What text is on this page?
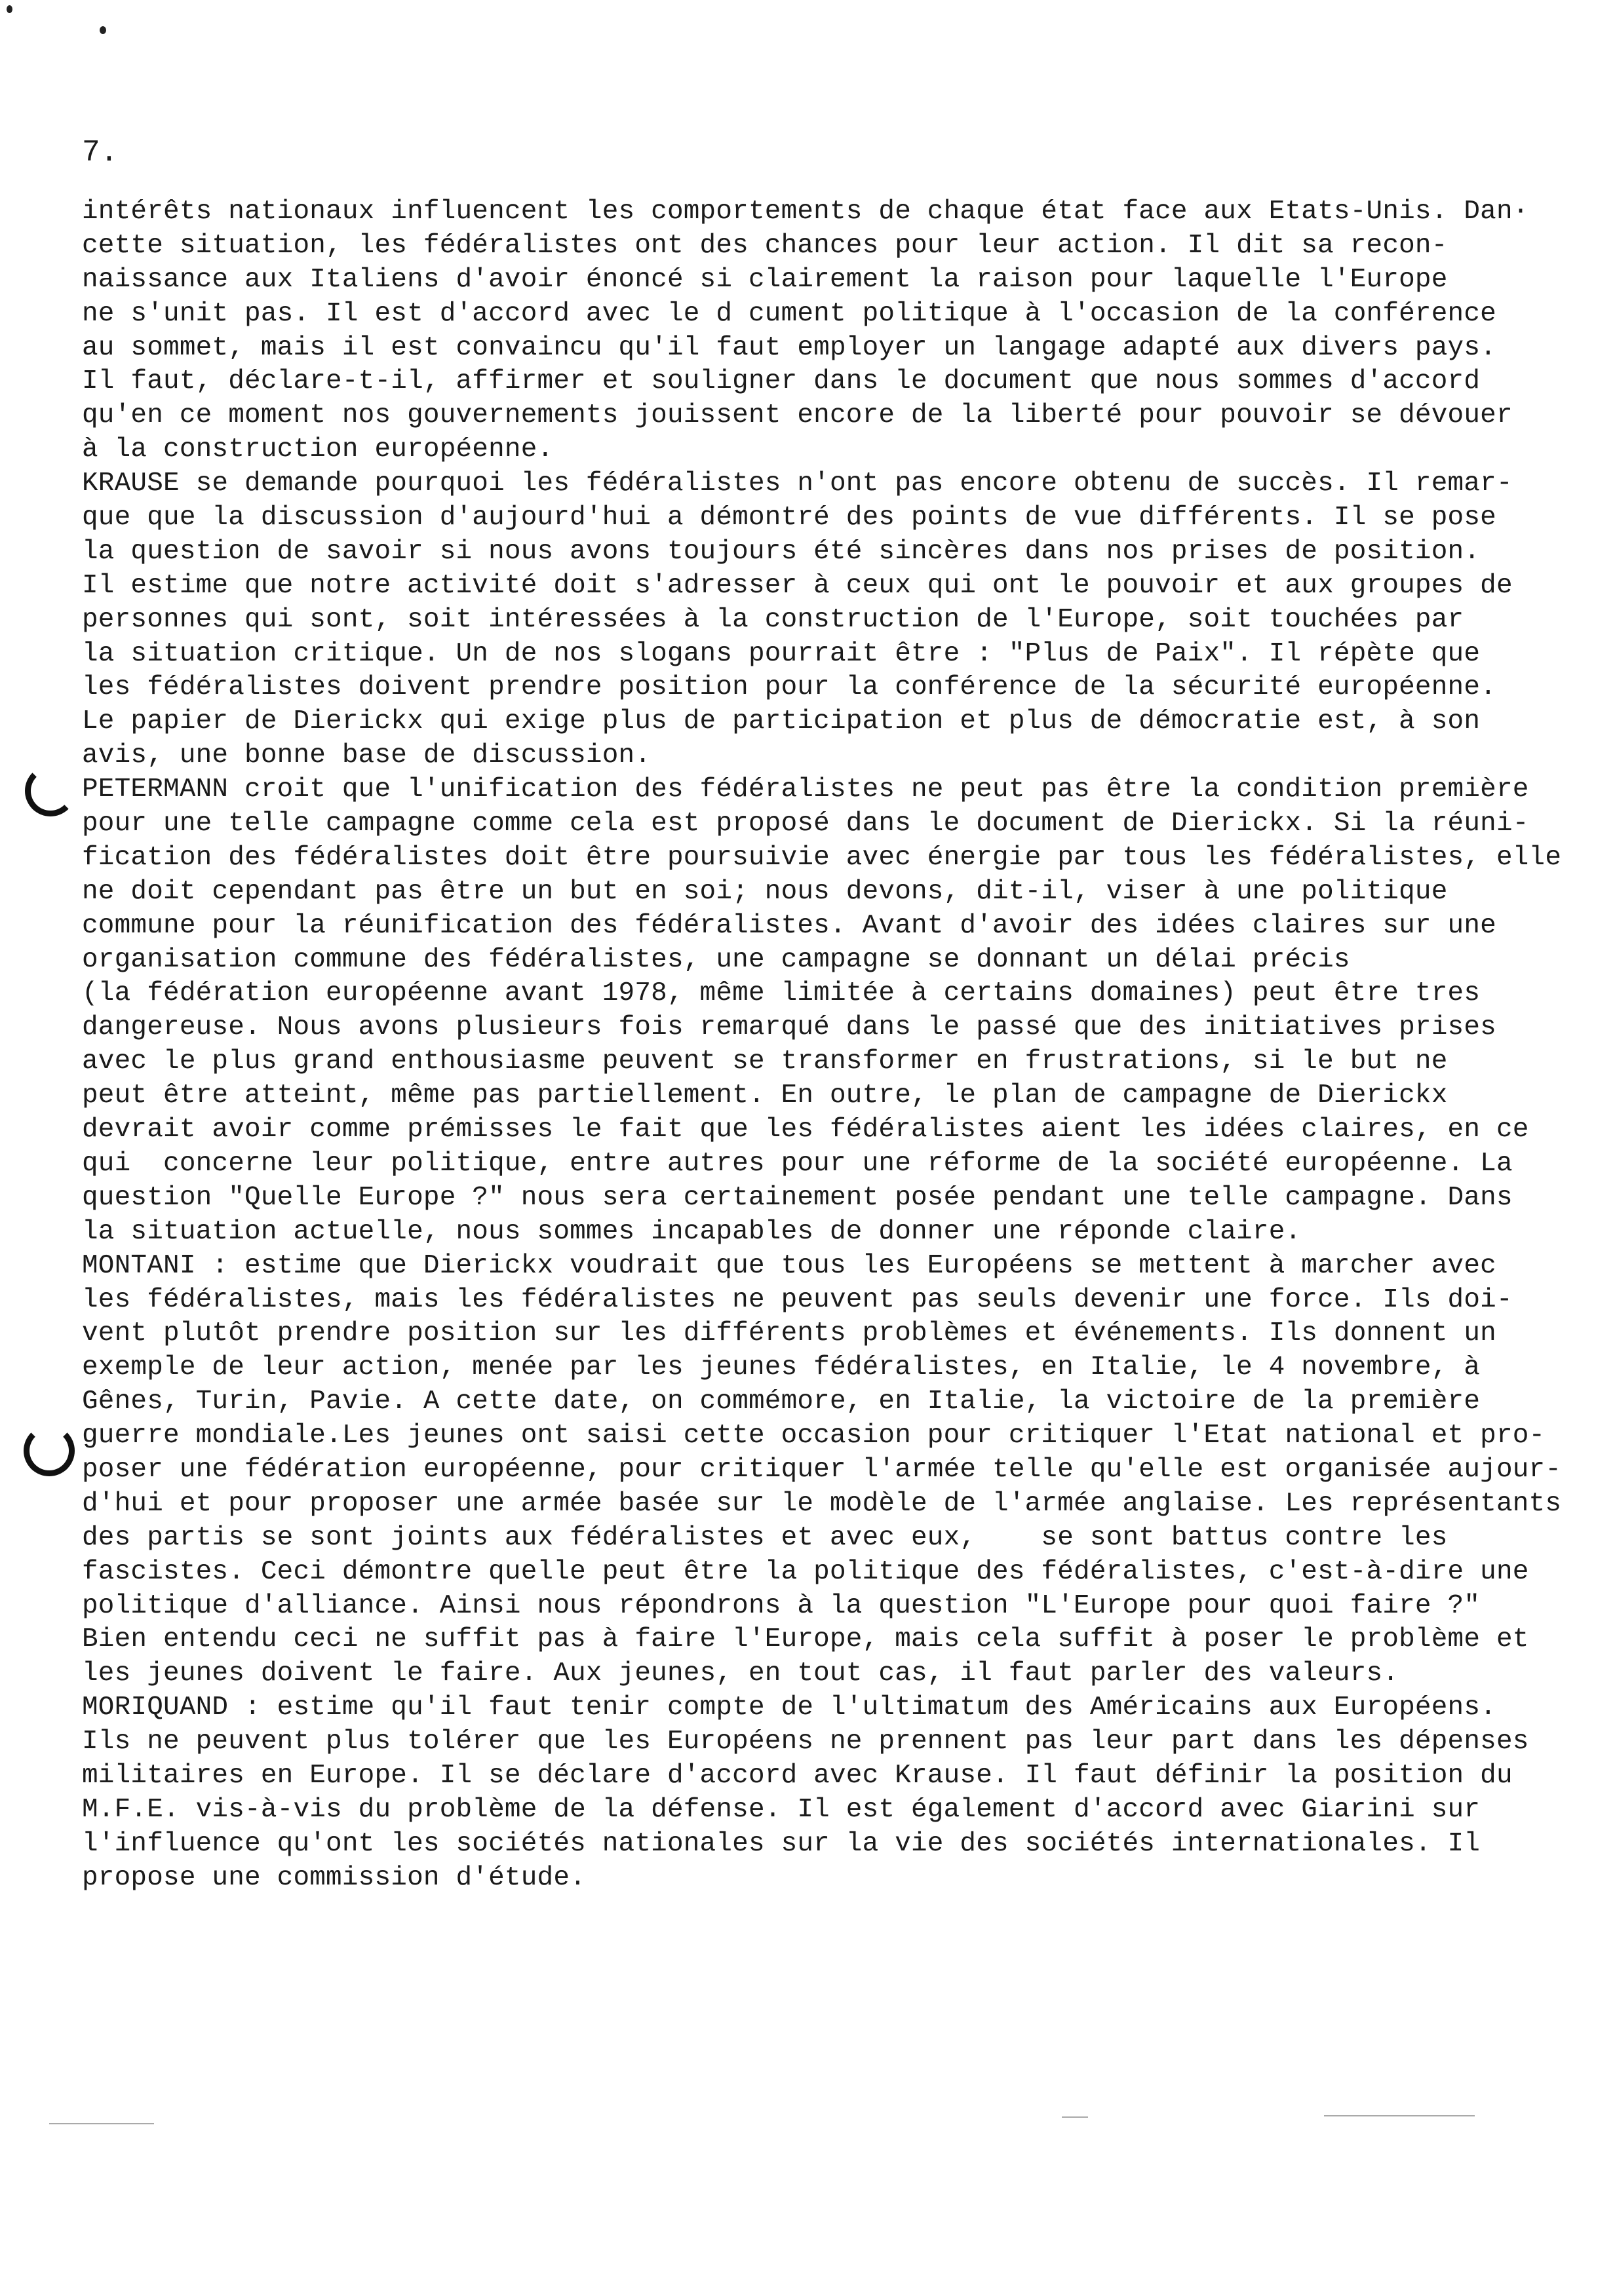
7.
intérêts nationaux influencent les comportements de chaque état face aux Etats-Unis. Dan·
cette situation, les fédéralistes ont des chances pour leur action. Il dit sa recon-
naissance aux Italiens d'avoir énoncé si clairement la raison pour laquelle l'Europe
ne s'unit pas. Il est d'accord avec le d cument politique à l'occasion de la conférence
au sommet, mais il est convaincu qu'il faut employer un langage adapté aux divers pays.
Il faut, déclare-t-il, affirmer et souligner dans le document que nous sommes d'accord
qu'en ce moment nos gouvernements jouissent encore de la liberté pour pouvoir se dévouer
à la construction européenne.
KRAUSE se demande pourquoi les fédéralistes n'ont pas encore obtenu de succès. Il remar-
que que la discussion d'aujourd'hui a démontré des points de vue différents. Il se pose
la question de savoir si nous avons toujours été sincères dans nos prises de position.
Il estime que notre activité doit s'adresser à ceux qui ont le pouvoir et aux groupes de
personnes qui sont, soit intéressées à la construction de l'Europe, soit touchées par
la situation critique. Un de nos slogans pourrait être : "Plus de Paix". Il répète que
les fédéralistes doivent prendre position pour la conférence de la sécurité européenne.
Le papier de Dierickx qui exige plus de participation et plus de démocratie est, à son
avis, une bonne base de discussion.
PETERMANN croit que l'unification des fédéralistes ne peut pas être la condition première
pour une telle campagne comme cela est proposé dans le document de Dierickx. Si la réuni-
fication des fédéralistes doit être poursuivie avec énergie par tous les fédéralistes, elle
ne doit cependant pas être un but en soi; nous devons, dit-il, viser à une politique
commune pour la réunification des fédéralistes. Avant d'avoir des idées claires sur une
organisation commune des fédéralistes, une campagne se donnant un délai précis
(la fédération européenne avant 1978, même limitée à certains domaines) peut être tres
dangereuse. Nous avons plusieurs fois remarqué dans le passé que des initiatives prises
avec le plus grand enthousiasme peuvent se transformer en frustrations, si le but ne
peut être atteint, même pas partiellement. En outre, le plan de campagne de Dierickx
devrait avoir comme prémisses le fait que les fédéralistes aient les idées claires, en ce
qui  concerne leur politique, entre autres pour une réforme de la société européenne. La
question "Quelle Europe ?" nous sera certainement posée pendant une telle campagne. Dans
la situation actuelle, nous sommes incapables de donner une réponde claire.
MONTANI : estime que Dierickx voudrait que tous les Européens se mettent à marcher avec
les fédéralistes, mais les fédéralistes ne peuvent pas seuls devenir une force. Ils doi-
vent plutôt prendre position sur les différents problèmes et événements. Ils donnent un
exemple de leur action, menée par les jeunes fédéralistes, en Italie, le 4 novembre, à
Gênes, Turin, Pavie. A cette date, on commémore, en Italie, la victoire de la première
guerre mondiale.Les jeunes ont saisi cette occasion pour critiquer l'Etat national et pro-
poser une fédération européenne, pour critiquer l'armée telle qu'elle est organisée aujour-
d'hui et pour proposer une armée basée sur le modèle de l'armée anglaise. Les représentants
des partis se sont joints aux fédéralistes et avec eux,    se sont battus contre les
fascistes. Ceci démontre quelle peut être la politique des fédéralistes, c'est-à-dire une
politique d'alliance. Ainsi nous répondrons à la question "L'Europe pour quoi faire ?"
Bien entendu ceci ne suffit pas à faire l'Europe, mais cela suffit à poser le problème et
les jeunes doivent le faire. Aux jeunes, en tout cas, il faut parler des valeurs.
MORIQUAND : estime qu'il faut tenir compte de l'ultimatum des Américains aux Européens.
Ils ne peuvent plus tolérer que les Européens ne prennent pas leur part dans les dépenses
militaires en Europe. Il se déclare d'accord avec Krause. Il faut définir la position du
M.F.E. vis-à-vis du problème de la défense. Il est également d'accord avec Giarini sur
l'influence qu'ont les sociétés nationales sur la vie des sociétés internationales. Il
propose une commission d'étude.
